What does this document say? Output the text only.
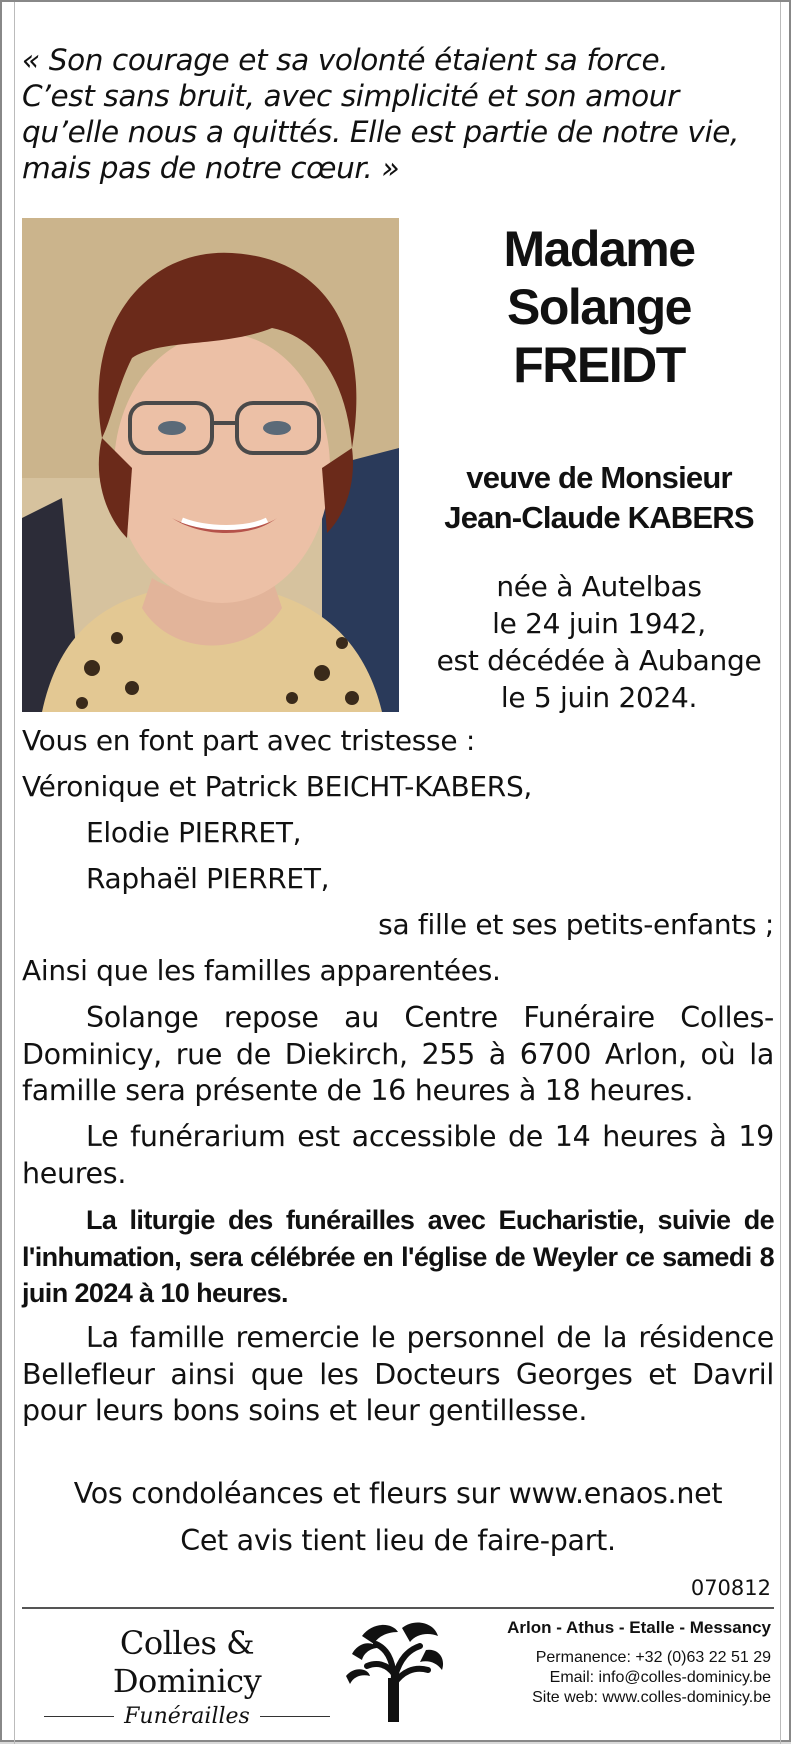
« Son courage et sa volonté étaient sa force.
C’est sans bruit, avec simplicité et son amour
qu’elle nous a quittés. Elle est partie de notre vie,
mais pas de notre cœur. »
Madame
Solange
FREIDT
veuve de Monsieur
Jean-Claude KABERS
née à Autelbas
le 24 juin 1942,
est décédée à Aubange
le 5 juin 2024.
Vous en font part avec tristesse :
Véronique et Patrick BEICHT-KABERS,
Elodie PIERRET,
Raphaël PIERRET,
sa fille et ses petits-enfants ;
Ainsi que les familles apparentées.

Solange repose au Centre Funéraire Colles-Dominicy, rue de Diekirch, 255 à 6700 Arlon, où la famille sera présente de 16 heures à 18 heures.

Le funérarium est accessible de 14 heures à 19 heures.

La liturgie des funérailles avec Eucharistie, suivie de l'inhumation, sera célébrée en l'église de Weyler ce samedi 8 juin 2024 à 10 heures.

La famille remercie le personnel de la résidence Bellefleur ainsi que les Docteurs Georges et Davril pour leurs bons soins et leur gentillesse.

Vos condoléances et fleurs sur www.enaos.net
Cet avis tient lieu de faire-part.
070812
Colles & Dominicy
Funérailles
Arlon - Athus - Etalle - Messancy
Permanence: +32 (0)63 22 51 29
Email: info@colles-dominicy.be
Site web: www.colles-dominicy.be
